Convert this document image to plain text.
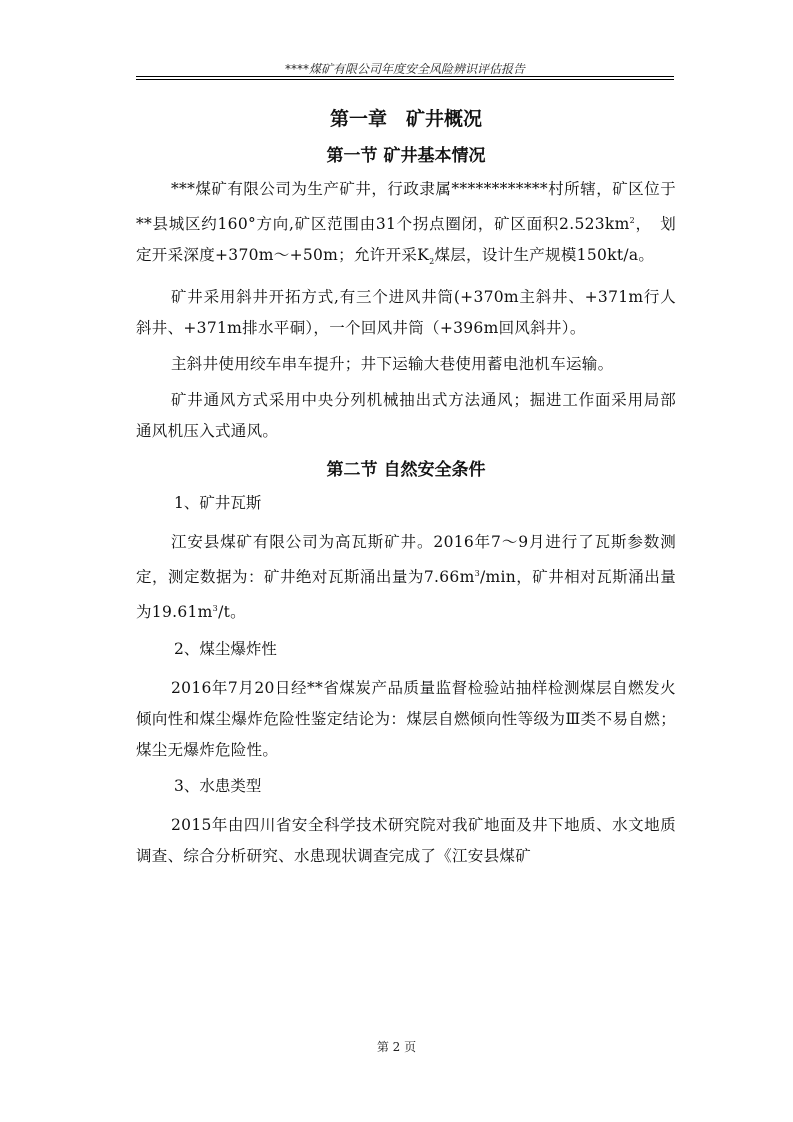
****煤矿有限公司年度安全风险辨识评估报告
第一章　矿井概况
第一节 矿井基本情况

***煤矿有限公司为生产矿井，行政隶属************村所辖，矿区位于**县城区约160°方向,矿区范围由31个拐点圈闭，矿区面积$2.523km^2$，　划定开采深度+370m～+50m；允许开采$K_2$煤层，设计生产规模150kt/a。

矿井采用斜井开拓方式,有三个进风井筒(+370m主斜井、+371m行人斜井、+371m排水平硐），一个回风井筒（+396m回风斜井）。

主斜井使用绞车串车提升；井下运输大巷使用蓄电池机车运输。

矿井通风方式采用中央分列机械抽出式方法通风；掘进工作面采用局部通风机压入式通风。

第二节 自然安全条件

1、矿井瓦斯

江安县煤矿有限公司为高瓦斯矿井。2016年7～9月进行了瓦斯参数测定，测定数据为：矿井绝对瓦斯涌出量为$7.66m^3/\min$，矿井相对瓦斯涌出量为$19.61m^3/t$。

2、煤尘爆炸性

2016年7月20日经**省煤炭产品质量监督检验站抽样检测煤层自燃发火倾向性和煤尘爆炸危险性鉴定结论为：煤层自燃倾向性等级为Ⅲ类不易自燃；煤尘无爆炸危险性。

3、水患类型

2015年由四川省安全科学技术研究院对我矿地面及井下地质、水文地质调查、综合分析研究、水患现状调查完成了《江安县煤矿

第 2 页
